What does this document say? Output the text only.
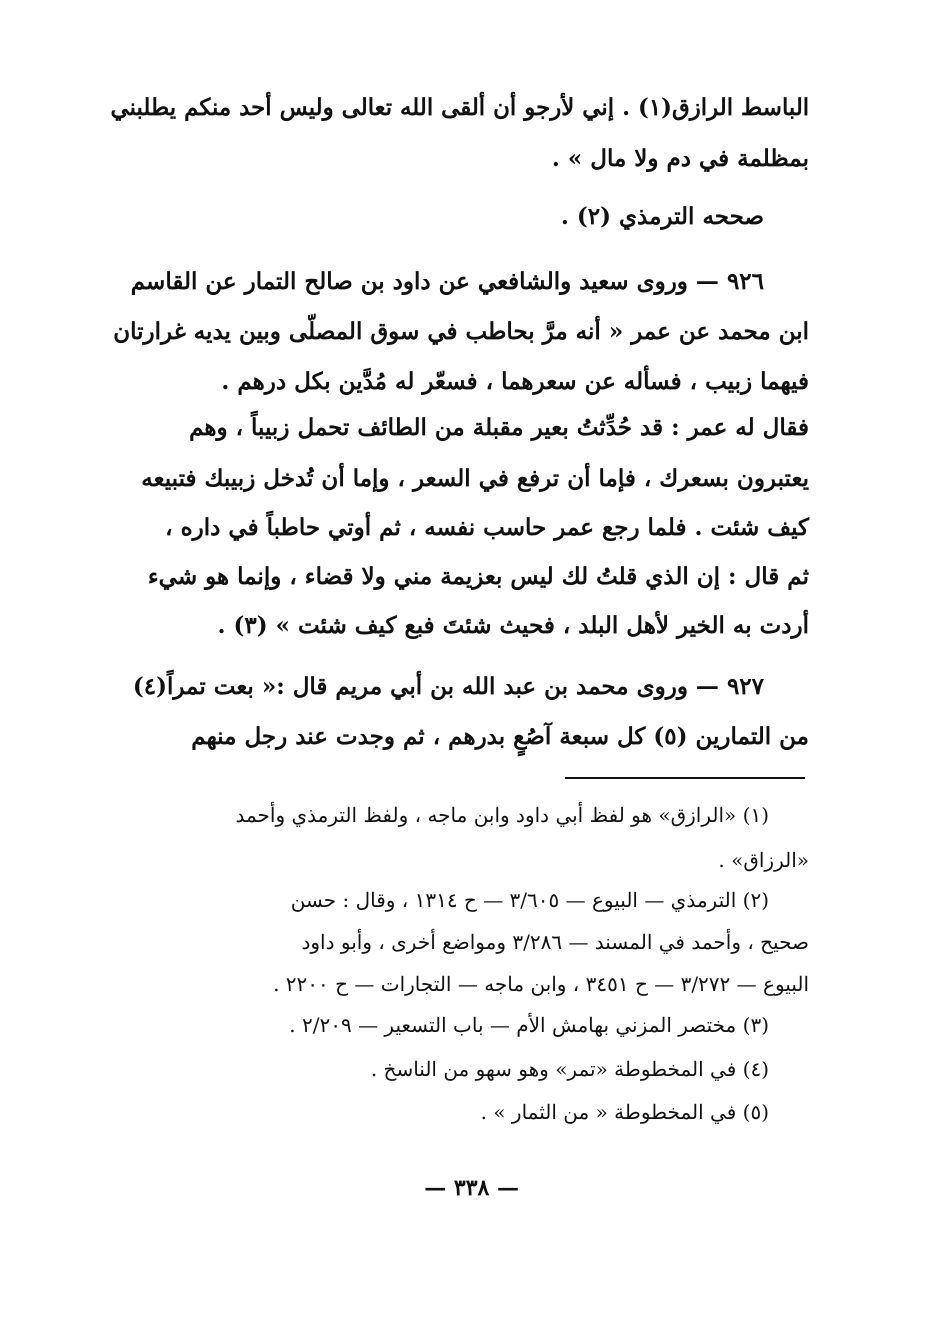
الباسط الرازق(١) . إني لأرجو أن ألقى الله تعالى وليس أحد منكم يطلبني
بمظلمة في دم ولا مال » .
صححه الترمذي (٢) .
٩٢٦ — وروى سعيد والشافعي عن داود بن صالح التمار عن القاسم
ابن محمد عن عمر « أنه مرَّ بحاطب في سوق المصلّى وبين يديه غرارتان
فيهما زبيب ، فسأله عن سعرهما ، فسعّر له مُدَّين بكل درهم .
فقال له عمر : قد حُدِّثتُ بعير مقبلة من الطائف تحمل زبيباً ، وهم
يعتبرون بسعرك ، فإما أن ترفع في السعر ، وإما أن تُدخل زبيبك فتبيعه
كيف شئت . فلما رجع عمر حاسب نفسه ، ثم أوتي حاطباً في داره ،
ثم قال : إن الذي قلتُ لك ليس بعزيمة مني ولا قضاء ، وإنما هو شيء
أردت به الخير لأهل البلد ، فحيث شئتَ فبع كيف شئت » (٣) .
٩٢٧ — وروى محمد بن عبد الله بن أبي مريم قال :« بعت تمراً(٤)
من التمارين (٥) كل سبعة آصُعٍ بدرهم ، ثم وجدت عند رجل منهم
(١) «الرازق» هو لفظ أبي داود وابن ماجه ، ولفظ الترمذي وأحمد
«الرزاق» .
(٢) الترمذي — البيوع — ٣/٦٠٥ — ح ١٣١٤ ، وقال : حسن
صحيح ، وأحمد في المسند — ٣/٢٨٦ ومواضع أخرى ، وأبو داود
البيوع — ٣/٢٧٢ — ح ٣٤٥١ ، وابن ماجه — التجارات — ح ٢٢٠٠ .
(٣) مختصر المزني بهامش الأم — باب التسعير — ٢/٢٠٩ .
(٤) في المخطوطة «تمر» وهو سهو من الناسخ .
(٥) في المخطوطة « من الثمار » .
— ٣٣٨ —
